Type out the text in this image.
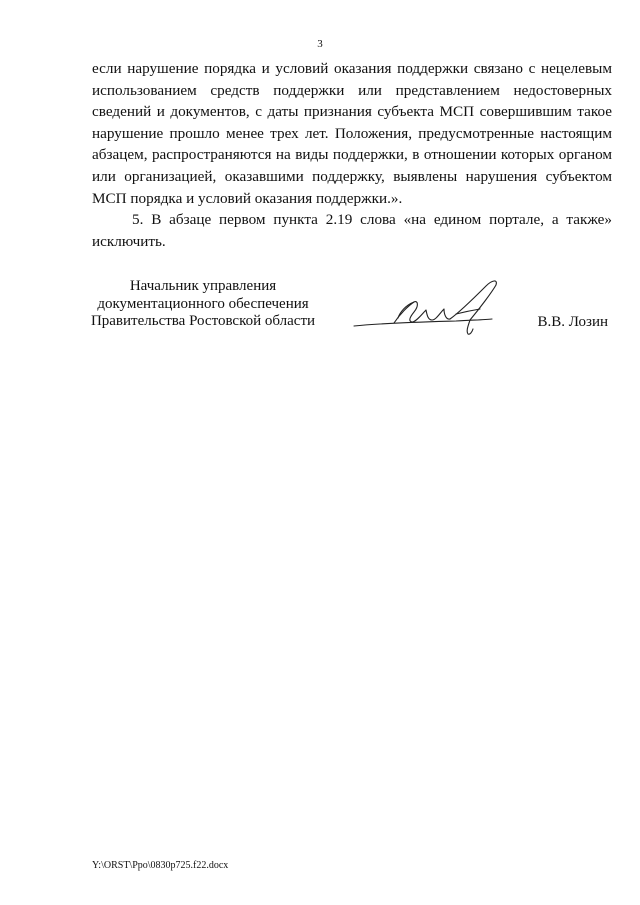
3

если нарушение порядка и условий оказания поддержки связано с нецелевым использованием средств поддержки или представлением недостоверных сведений и документов, с даты признания субъекта МСП совершившим такое нарушение прошло менее трех лет. Положения, предусмотренные настоящим абзацем, распространяются на виды поддержки, в отношении которых органом или организацией, оказавшими поддержку, выявлены нарушения субъектом МСП порядка и условий оказания поддержки.».

5. В абзаце первом пункта 2.19 слова «на едином портале, а также» исключить.

Начальник управления
документационного обеспечения
Правительства Ростовской области	В.В. Лозин
Y:\ORST\Ppo\0830p725.f22.docx
